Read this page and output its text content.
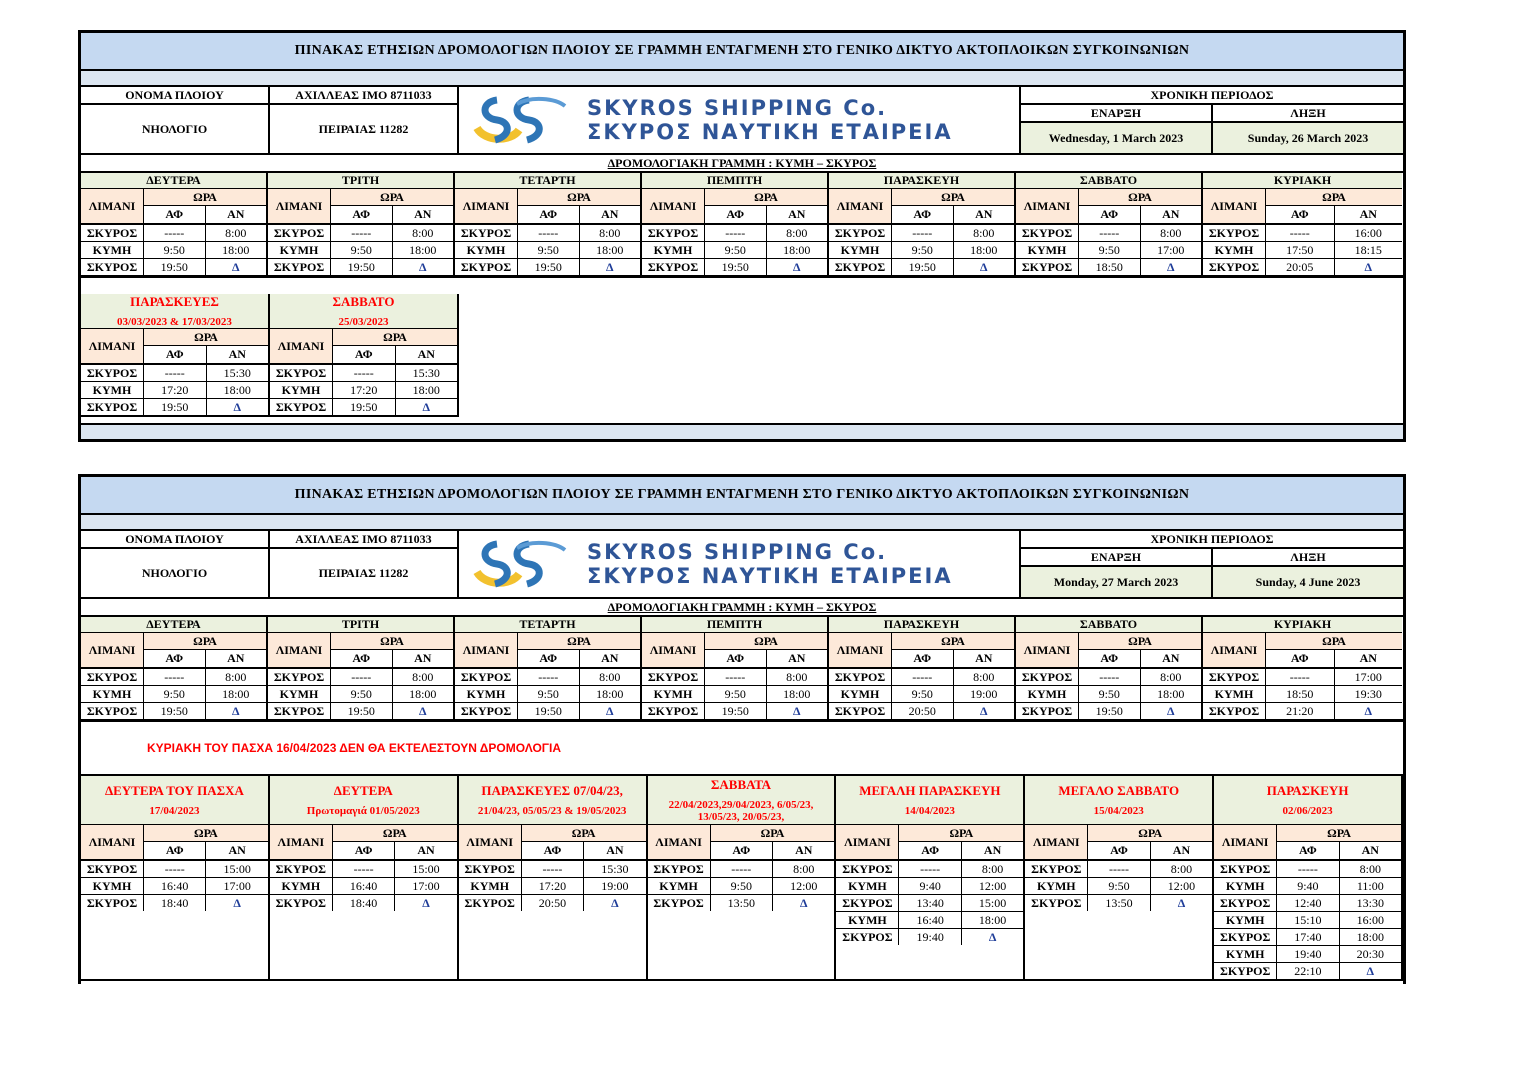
ΠΙΝΑΚΑΣ ΕΤΗΣΙΩΝ ΔΡΟΜΟΛΟΓΙΩΝ ΠΛΟΙΟΥ ΣΕ ΓΡΑΜΜΗ ΕΝΤΑΓΜΕΝΗ ΣΤΟ ΓΕΝΙΚΟ ΔΙΚΤΥΟ ΑΚΤΟΠΛΟΙΚΩΝ ΣΥΓΚΟΙΝΩΝΙΩΝ
ΟΝΟΜΑ ΠΛΟΙΟΥ
ΝΗΟΛΟΓΙΟ
ΑΧΙΛΛΕΑΣ ΙΜΟ 8711033
ΠΕΙΡΑΙΑΣ 11282
SKYROS SHIPPING Co.
ΣΚΥΡΟΣ ΝΑΥΤΙΚΗ ΕΤΑΙΡΕΙΑ
ΧΡΟΝΙΚΗ ΠΕΡΙΟΔΟΣ
ΕΝΑΡΞΗ	ΛΗΞΗ
Wednesday, 1 March 2023	Sunday, 26 March 2023
ΔΡΟΜΟΛΟΓΙΑΚΗ ΓΡΑΜΜΗ : ΚΥΜΗ – ΣΚΥΡΟΣ
ΔΕΥΤΕΡΑ
ΛΙΜΑΝΙ
ΩΡΑ
ΑΦ	ΑΝ
ΣΚΥΡΟΣ	-----	8:00
ΚΥΜΗ	9:50	18:00
ΣΚΥΡΟΣ	19:50	Δ
ΤΡΙΤΗ
ΛΙΜΑΝΙ
ΩΡΑ
ΑΦ	ΑΝ
ΣΚΥΡΟΣ	-----	8:00
ΚΥΜΗ	9:50	18:00
ΣΚΥΡΟΣ	19:50	Δ
ΤΕΤΑΡΤΗ
ΛΙΜΑΝΙ
ΩΡΑ
ΑΦ	ΑΝ
ΣΚΥΡΟΣ	-----	8:00
ΚΥΜΗ	9:50	18:00
ΣΚΥΡΟΣ	19:50	Δ
ΠΕΜΠΤΗ
ΛΙΜΑΝΙ
ΩΡΑ
ΑΦ	ΑΝ
ΣΚΥΡΟΣ	-----	8:00
ΚΥΜΗ	9:50	18:00
ΣΚΥΡΟΣ	19:50	Δ
ΠΑΡΑΣΚΕΥΗ
ΛΙΜΑΝΙ
ΩΡΑ
ΑΦ	ΑΝ
ΣΚΥΡΟΣ	-----	8:00
ΚΥΜΗ	9:50	18:00
ΣΚΥΡΟΣ	19:50	Δ
ΣΑΒΒΑΤΟ
ΛΙΜΑΝΙ
ΩΡΑ
ΑΦ	ΑΝ
ΣΚΥΡΟΣ	-----	8:00
ΚΥΜΗ	9:50	17:00
ΣΚΥΡΟΣ	18:50	Δ
ΚΥΡΙΑΚΗ
ΛΙΜΑΝΙ
ΩΡΑ
ΑΦ	ΑΝ
ΣΚΥΡΟΣ	-----	16:00
ΚΥΜΗ	17:50	18:15
ΣΚΥΡΟΣ	20:05	Δ
ΠΑΡΑΣΚΕΥΕΣ
03/03/2023 & 17/03/2023
ΛΙΜΑΝΙ
ΩΡΑ
ΑΦ	ΑΝ
ΣΚΥΡΟΣ	-----	15:30
ΚΥΜΗ	17:20	18:00
ΣΚΥΡΟΣ	19:50	Δ
ΣΑΒΒΑΤΟ
25/03/2023
ΛΙΜΑΝΙ
ΩΡΑ
ΑΦ	ΑΝ
ΣΚΥΡΟΣ	-----	15:30
ΚΥΜΗ	17:20	18:00
ΣΚΥΡΟΣ	19:50	Δ
ΠΙΝΑΚΑΣ ΕΤΗΣΙΩΝ ΔΡΟΜΟΛΟΓΙΩΝ ΠΛΟΙΟΥ ΣΕ ΓΡΑΜΜΗ ΕΝΤΑΓΜΕΝΗ ΣΤΟ ΓΕΝΙΚΟ ΔΙΚΤΥΟ ΑΚΤΟΠΛΟΙΚΩΝ ΣΥΓΚΟΙΝΩΝΙΩΝ
ΟΝΟΜΑ ΠΛΟΙΟΥ
ΝΗΟΛΟΓΙΟ
ΑΧΙΛΛΕΑΣ ΙΜΟ 8711033
ΠΕΙΡΑΙΑΣ 11282
SKYROS SHIPPING Co.
ΣΚΥΡΟΣ ΝΑΥΤΙΚΗ ΕΤΑΙΡΕΙΑ
ΧΡΟΝΙΚΗ ΠΕΡΙΟΔΟΣ
ΕΝΑΡΞΗ	ΛΗΞΗ
Monday, 27 March 2023	Sunday, 4 June 2023
ΔΡΟΜΟΛΟΓΙΑΚΗ ΓΡΑΜΜΗ : ΚΥΜΗ – ΣΚΥΡΟΣ
ΔΕΥΤΕΡΑ
ΛΙΜΑΝΙ
ΩΡΑ
ΑΦ	ΑΝ
ΣΚΥΡΟΣ	-----	8:00
ΚΥΜΗ	9:50	18:00
ΣΚΥΡΟΣ	19:50	Δ
ΤΡΙΤΗ
ΛΙΜΑΝΙ
ΩΡΑ
ΑΦ	ΑΝ
ΣΚΥΡΟΣ	-----	8:00
ΚΥΜΗ	9:50	18:00
ΣΚΥΡΟΣ	19:50	Δ
ΤΕΤΑΡΤΗ
ΛΙΜΑΝΙ
ΩΡΑ
ΑΦ	ΑΝ
ΣΚΥΡΟΣ	-----	8:00
ΚΥΜΗ	9:50	18:00
ΣΚΥΡΟΣ	19:50	Δ
ΠΕΜΠΤΗ
ΛΙΜΑΝΙ
ΩΡΑ
ΑΦ	ΑΝ
ΣΚΥΡΟΣ	-----	8:00
ΚΥΜΗ	9:50	18:00
ΣΚΥΡΟΣ	19:50	Δ
ΠΑΡΑΣΚΕΥΗ
ΛΙΜΑΝΙ
ΩΡΑ
ΑΦ	ΑΝ
ΣΚΥΡΟΣ	-----	8:00
ΚΥΜΗ	9:50	19:00
ΣΚΥΡΟΣ	20:50	Δ
ΣΑΒΒΑΤΟ
ΛΙΜΑΝΙ
ΩΡΑ
ΑΦ	ΑΝ
ΣΚΥΡΟΣ	-----	8:00
ΚΥΜΗ	9:50	18:00
ΣΚΥΡΟΣ	19:50	Δ
ΚΥΡΙΑΚΗ
ΛΙΜΑΝΙ
ΩΡΑ
ΑΦ	ΑΝ
ΣΚΥΡΟΣ	-----	17:00
ΚΥΜΗ	18:50	19:30
ΣΚΥΡΟΣ	21:20	Δ
ΚΥΡΙΑΚΗ ΤΟΥ ΠΑΣΧΑ 16/04/2023 ΔΕΝ ΘΑ ΕΚΤΕΛΕΣΤΟΥΝ ΔΡΟΜΟΛΟΓΙΑ
ΔΕΥΤΕΡΑ ΤΟΥ ΠΑΣΧΑ
17/04/2023
ΛΙΜΑΝΙ
ΩΡΑ
ΑΦ	ΑΝ
ΣΚΥΡΟΣ	-----	15:00
ΚΥΜΗ	16:40	17:00
ΣΚΥΡΟΣ	18:40	Δ
ΔΕΥΤΕΡΑ
Πρωτομαγιά 01/05/2023
ΛΙΜΑΝΙ
ΩΡΑ
ΑΦ	ΑΝ
ΣΚΥΡΟΣ	-----	15:00
ΚΥΜΗ	16:40	17:00
ΣΚΥΡΟΣ	18:40	Δ
ΠΑΡΑΣΚΕΥΕΣ 07/04/23,
21/04/23, 05/05/23 & 19/05/2023
ΛΙΜΑΝΙ
ΩΡΑ
ΑΦ	ΑΝ
ΣΚΥΡΟΣ	-----	15:30
ΚΥΜΗ	17:20	19:00
ΣΚΥΡΟΣ	20:50	Δ
ΣΑΒΒΑΤΑ
22/04/2023,29/04/2023, 6/05/23, 13/05/23, 20/05/23,
ΛΙΜΑΝΙ
ΩΡΑ
ΑΦ	ΑΝ
ΣΚΥΡΟΣ	-----	8:00
ΚΥΜΗ	9:50	12:00
ΣΚΥΡΟΣ	13:50	Δ
ΜΕΓΑΛΗ ΠΑΡΑΣΚΕΥΗ
14/04/2023
ΛΙΜΑΝΙ
ΩΡΑ
ΑΦ	ΑΝ
ΣΚΥΡΟΣ	-----	8:00
ΚΥΜΗ	9:40	12:00
ΣΚΥΡΟΣ	13:40	15:00
ΚΥΜΗ	16:40	18:00
ΣΚΥΡΟΣ	19:40	Δ
ΜΕΓΑΛΟ ΣΑΒΒΑΤΟ
15/04/2023
ΛΙΜΑΝΙ
ΩΡΑ
ΑΦ	ΑΝ
ΣΚΥΡΟΣ	-----	8:00
ΚΥΜΗ	9:50	12:00
ΣΚΥΡΟΣ	13:50	Δ
ΠΑΡΑΣΚΕΥΗ
02/06/2023
ΛΙΜΑΝΙ
ΩΡΑ
ΑΦ	ΑΝ
ΣΚΥΡΟΣ	-----	8:00
ΚΥΜΗ	9:40	11:00
ΣΚΥΡΟΣ	12:40	13:30
ΚΥΜΗ	15:10	16:00
ΣΚΥΡΟΣ	17:40	18:00
ΚΥΜΗ	19:40	20:30
ΣΚΥΡΟΣ	22:10	Δ
